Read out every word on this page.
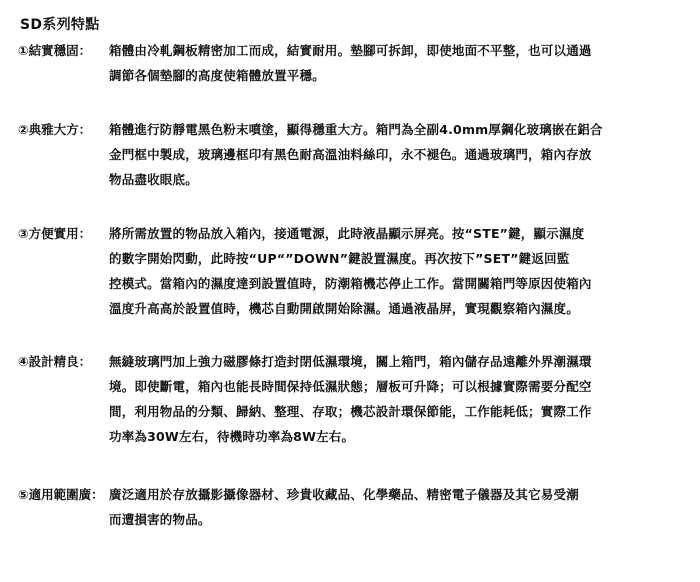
SD系列特點
①結實穩固：	箱體由冷軋鋼板精密加工而成，結實耐用。墊腳可拆卸，即使地面不平整，也可以通過
調節各個墊腳的高度使箱體放置平穩。
②典雅大方：	箱體進行防靜電黑色粉末噴塗，顯得穩重大方。箱門為全副4.0mm厚鋼化玻璃嵌在鋁合
金門框中製成，玻璃邊框印有黑色耐高溫油料絲印，永不褪色。通過玻璃門，箱內存放
物品盡收眼底。
③方便實用：	將所需放置的物品放入箱內，接通電源，此時液晶顯示屏亮。按“STE”鍵，顯示濕度
的數字開始閃動，此時按“UP“”DOWN”鍵設置濕度。再次按下”SET”鍵返回監
控模式。當箱內的濕度達到設置值時，防潮箱機芯停止工作。當開關箱門等原因使箱內
溫度升高高於設置值時，機芯自動開啟開始除濕。通過液晶屏，實現觀察箱內濕度。
④設計精良：	無縫玻璃門加上強力磁膠條打造封閉低濕環境，關上箱門，箱內儲存品遠離外界潮濕環
境。即使斷電，箱內也能長時間保持低濕狀態；層板可升降；可以根據實際需要分配空
間，利用物品的分類、歸納、整理、存取；機芯設計環保節能，工作能耗低；實際工作
功率為30W左右，待機時功率為8W左右。
⑤適用範圍廣： 廣泛適用於存放攝影攝像器材、珍貴收藏品、化學藥品、精密電子儀器及其它易受潮
而遭損害的物品。
